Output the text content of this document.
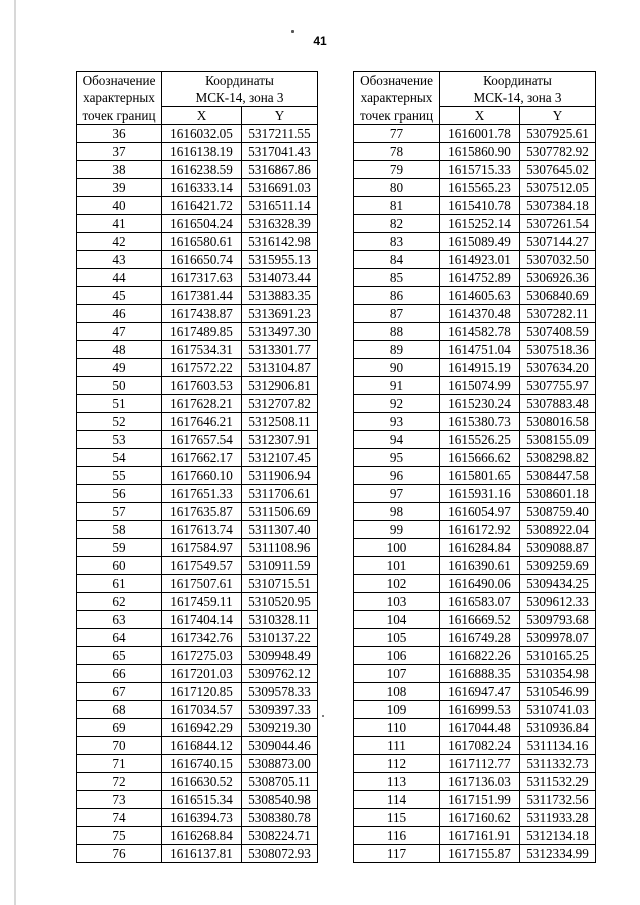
41
Обозначение	Координаты
МСК-14, зона 3	
характерных		
точек границ	X	Y
36	1616032.05	5317211.55
37	1616138.19	5317041.43
38	1616238.59	5316867.86
39	1616333.14	5316691.03
40	1616421.72	5316511.14
41	1616504.24	5316328.39
42	1616580.61	5316142.98
43	1616650.74	5315955.13
44	1617317.63	5314073.44
45	1617381.44	5313883.35
46	1617438.87	5313691.23
47	1617489.85	5313497.30
48	1617534.31	5313301.77
49	1617572.22	5313104.87
50	1617603.53	5312906.81
51	1617628.21	5312707.82
52	1617646.21	5312508.11
53	1617657.54	5312307.91
54	1617662.17	5312107.45
55	1617660.10	5311906.94
56	1617651.33	5311706.61
57	1617635.87	5311506.69
58	1617613.74	5311307.40
59	1617584.97	5311108.96
60	1617549.57	5310911.59
61	1617507.61	5310715.51
62	1617459.11	5310520.95
63	1617404.14	5310328.11
64	1617342.76	5310137.22
65	1617275.03	5309948.49
66	1617201.03	5309762.12
67	1617120.85	5309578.33
68	1617034.57	5309397.33
69	1616942.29	5309219.30
70	1616844.12	5309044.46
71	1616740.15	5308873.00
72	1616630.52	5308705.11
73	1616515.34	5308540.98
74	1616394.73	5308380.78
75	1616268.84	5308224.71
76	1616137.81	5308072.93
Обозначение	Координаты
МСК-14, зона 3	
характерных		
точек границ	X	Y
77	1616001.78	5307925.61
78	1615860.90	5307782.92
79	1615715.33	5307645.02
80	1615565.23	5307512.05
81	1615410.78	5307384.18
82	1615252.14	5307261.54
83	1615089.49	5307144.27
84	1614923.01	5307032.50
85	1614752.89	5306926.36
86	1614605.63	5306840.69
87	1614370.48	5307282.11
88	1614582.78	5307408.59
89	1614751.04	5307518.36
90	1614915.19	5307634.20
91	1615074.99	5307755.97
92	1615230.24	5307883.48
93	1615380.73	5308016.58
94	1615526.25	5308155.09
95	1615666.62	5308298.82
96	1615801.65	5308447.58
97	1615931.16	5308601.18
98	1616054.97	5308759.40
99	1616172.92	5308922.04
100	1616284.84	5309088.87
101	1616390.61	5309259.69
102	1616490.06	5309434.25
103	1616583.07	5309612.33
104	1616669.52	5309793.68
105	1616749.28	5309978.07
106	1616822.26	5310165.25
107	1616888.35	5310354.98
108	1616947.47	5310546.99
109	1616999.53	5310741.03
110	1617044.48	5310936.84
111	1617082.24	5311134.16
112	1617112.77	5311332.73
113	1617136.03	5311532.29
114	1617151.99	5311732.56
115	1617160.62	5311933.28
116	1617161.91	5312134.18
117	1617155.87	5312334.99
